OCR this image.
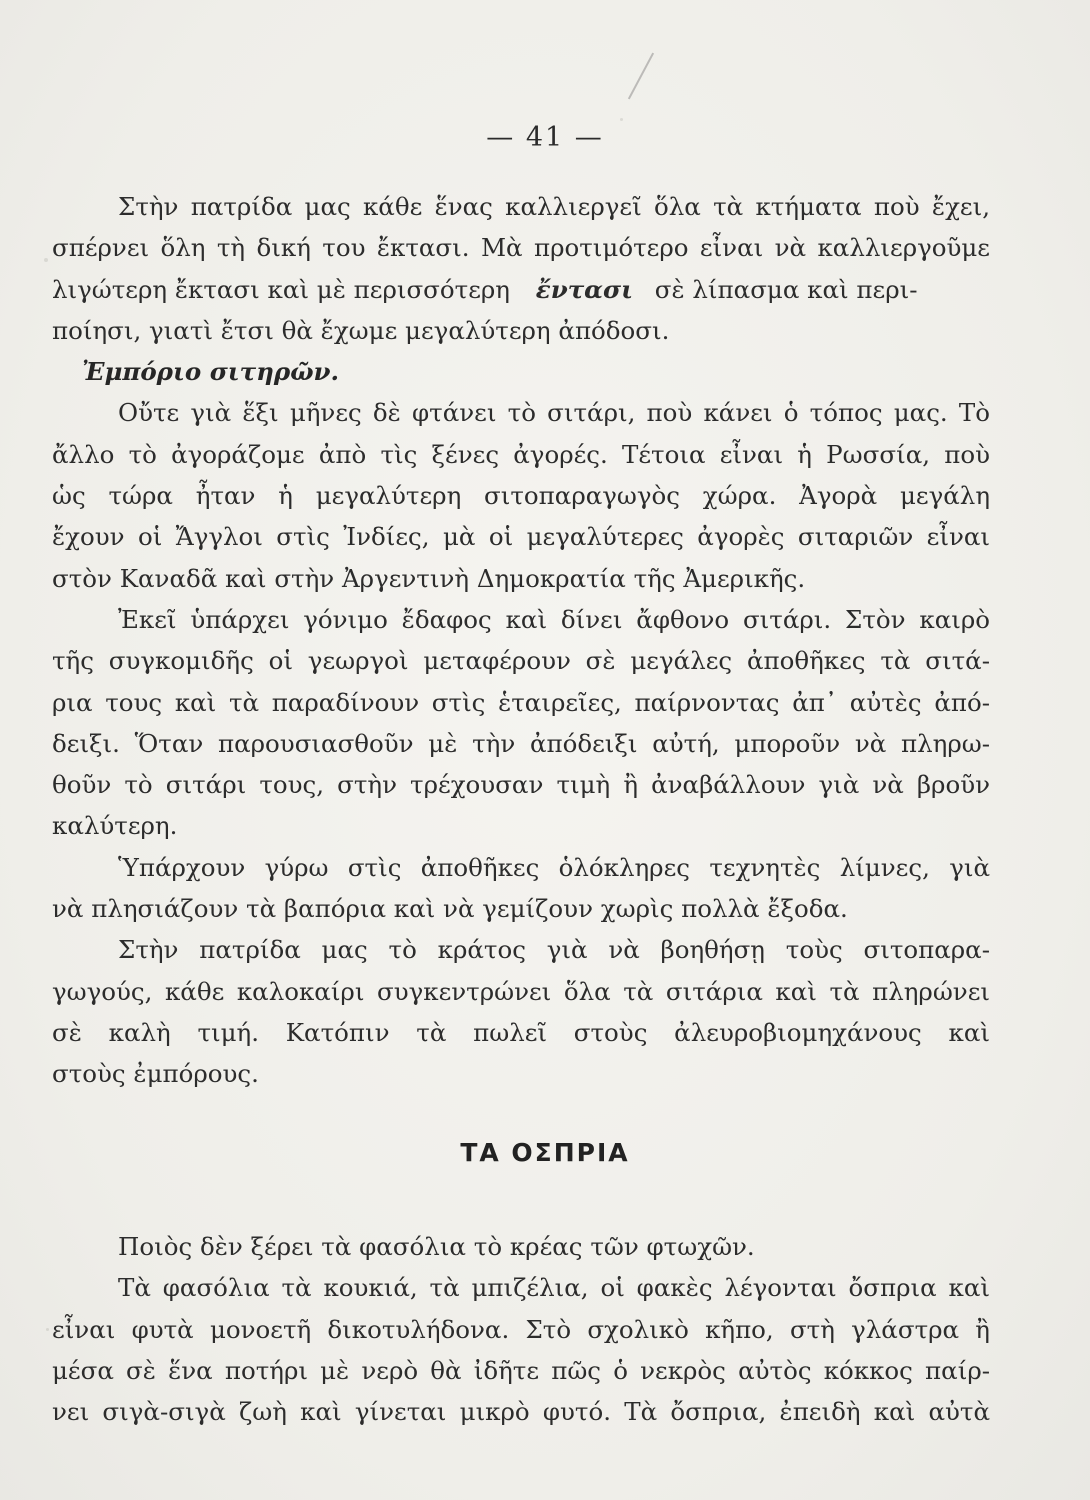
— 41 —
Στὴν πατρίδα μας κάθε ἕνας καλλιεργεῖ ὅλα τὰ κτήματα ποὺ ἔχει,
σπέρνει ὅλη τὴ δική του ἔκτασι. Μὰ προτιμότερο εἶναι νὰ καλλιεργοῦμε
λιγώτερη ἔκτασι καὶ μὲ περισσότερη ἔντασι σὲ λίπασμα καὶ περι-
ποίησι, γιατὶ ἔτσι θὰ ἔχωμε μεγαλύτερη ἀπόδοσι.
Ἐμπόριο σιτηρῶν.
Οὔτε γιὰ ἕξι μῆνες δὲ φτάνει τὸ σιτάρι, ποὺ κάνει ὁ τόπος μας. Τὸ
ἄλλο τὸ ἀγοράζομε ἀπὸ τὶς ξένες ἀγορές. Τέτοια εἶναι ἡ Ρωσσία, ποὺ
ὡς τώρα ἦταν ἡ μεγαλύτερη σιτοπαραγωγὸς χώρα. Ἀγορὰ μεγάλη
ἔχουν οἱ Ἄγγλοι στὶς Ἰνδίες, μὰ οἱ μεγαλύτερες ἀγορὲς σιταριῶν εἶναι
στὸν Καναδᾶ καὶ στὴν Ἀργεντινὴ Δημοκρατία τῆς Ἀμερικῆς.
Ἐκεῖ ὑπάρχει γόνιμο ἔδαφος καὶ δίνει ἄφθονο σιτάρι. Στὸν καιρὸ
τῆς συγκομιδῆς οἱ γεωργοὶ μεταφέρουν σὲ μεγάλες ἀποθῆκες τὰ σιτά-
ρια τους καὶ τὰ παραδίνουν στὶς ἑταιρεῖες, παίρνοντας ἀπ᾽ αὐτὲς ἀπό-
δειξι. Ὅταν παρουσιασθοῦν μὲ τὴν ἀπόδειξι αὐτή, μποροῦν νὰ πληρω-
θοῦν τὸ σιτάρι τους, στὴν τρέχουσαν τιμὴ ἢ ἀναβάλλουν γιὰ νὰ βροῦν
καλύτερη.
Ὑπάρχουν γύρω στὶς ἀποθῆκες ὁλόκληρες τεχνητὲς λίμνες, γιὰ
νὰ πλησιάζουν τὰ βαπόρια καὶ νὰ γεμίζουν χωρὶς πολλὰ ἔξοδα.
Στὴν πατρίδα μας τὸ κράτος γιὰ νὰ βοηθήσῃ τοὺς σιτοπαρα-
γωγούς, κάθε καλοκαίρι συγκεντρώνει ὅλα τὰ σιτάρια καὶ τὰ πληρώνει
σὲ καλὴ τιμή. Κατόπιν τὰ πωλεῖ στοὺς ἀλευροβιομηχάνους καὶ
στοὺς ἐμπόρους.
ΤΑ ΟΣΠΡΙΑ
Ποιὸς δὲν ξέρει τὰ φασόλια τὸ κρέας τῶν φτωχῶν.
Τὰ φασόλια τὰ κουκιά, τὰ μπιζέλια, οἱ φακὲς λέγονται ὄσπρια καὶ
εἶναι φυτὰ μονοετῆ δικοτυλήδονα. Στὸ σχολικὸ κῆπο, στὴ γλάστρα ἢ
μέσα σὲ ἕνα ποτήρι μὲ νερὸ θὰ ἰδῆτε πῶς ὁ νεκρὸς αὐτὸς κόκκος παίρ-
νει σιγὰ-σιγὰ ζωὴ καὶ γίνεται μικρὸ φυτό. Τὰ ὄσπρια, ἐπειδὴ καὶ αὐτὰ
